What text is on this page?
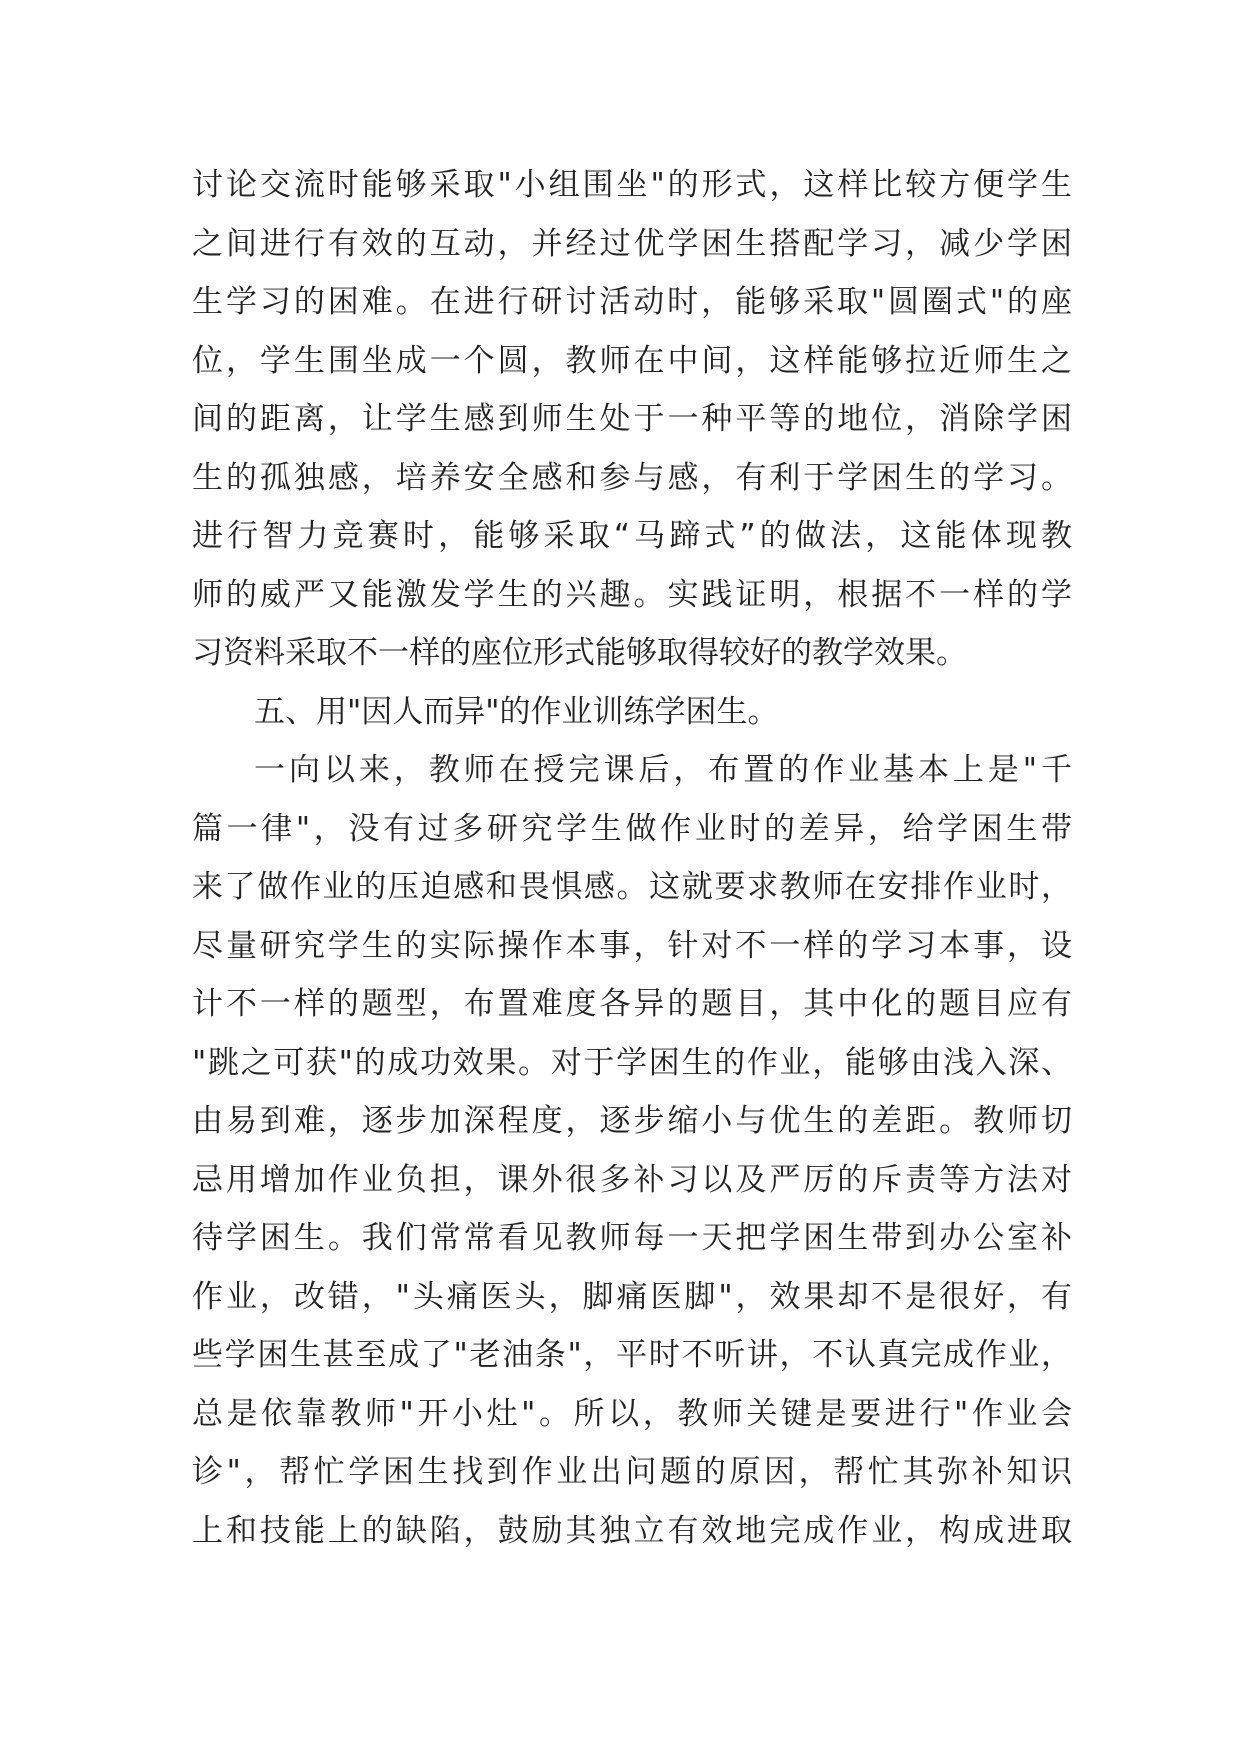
讨论交流时能够采取"小组围坐"的形式，这样比较方便学生
之间进行有效的互动，并经过优学困生搭配学习，减少学困
生学习的困难。在进行研讨活动时，能够采取"圆圈式"的座
位，学生围坐成一个圆，教师在中间，这样能够拉近师生之
间的距离，让学生感到师生处于一种平等的地位，消除学困
生的孤独感，培养安全感和参与感，有利于学困生的学习。
进行智力竞赛时，能够采取“马蹄式”的做法，这能体现教
师的威严又能激发学生的兴趣。实践证明，根据不一样的学
习资料采取不一样的座位形式能够取得较好的教学效果。
五、用"因人而异"的作业训练学困生。
一向以来，教师在授完课后，布置的作业基本上是"千
篇一律"，没有过多研究学生做作业时的差异，给学困生带
来了做作业的压迫感和畏惧感。这就要求教师在安排作业时，
尽量研究学生的实际操作本事，针对不一样的学习本事，设
计不一样的题型，布置难度各异的题目，其中化的题目应有
"跳之可获"的成功效果。对于学困生的作业，能够由浅入深、
由易到难，逐步加深程度，逐步缩小与优生的差距。教师切
忌用增加作业负担，课外很多补习以及严厉的斥责等方法对
待学困生。我们常常看见教师每一天把学困生带到办公室补
作业，改错，"头痛医头，脚痛医脚"，效果却不是很好，有
些学困生甚至成了"老油条"，平时不听讲，不认真完成作业，
总是依靠教师"开小灶"。所以，教师关键是要进行"作业会
诊"，帮忙学困生找到作业出问题的原因，帮忙其弥补知识
上和技能上的缺陷，鼓励其独立有效地完成作业，构成进取
